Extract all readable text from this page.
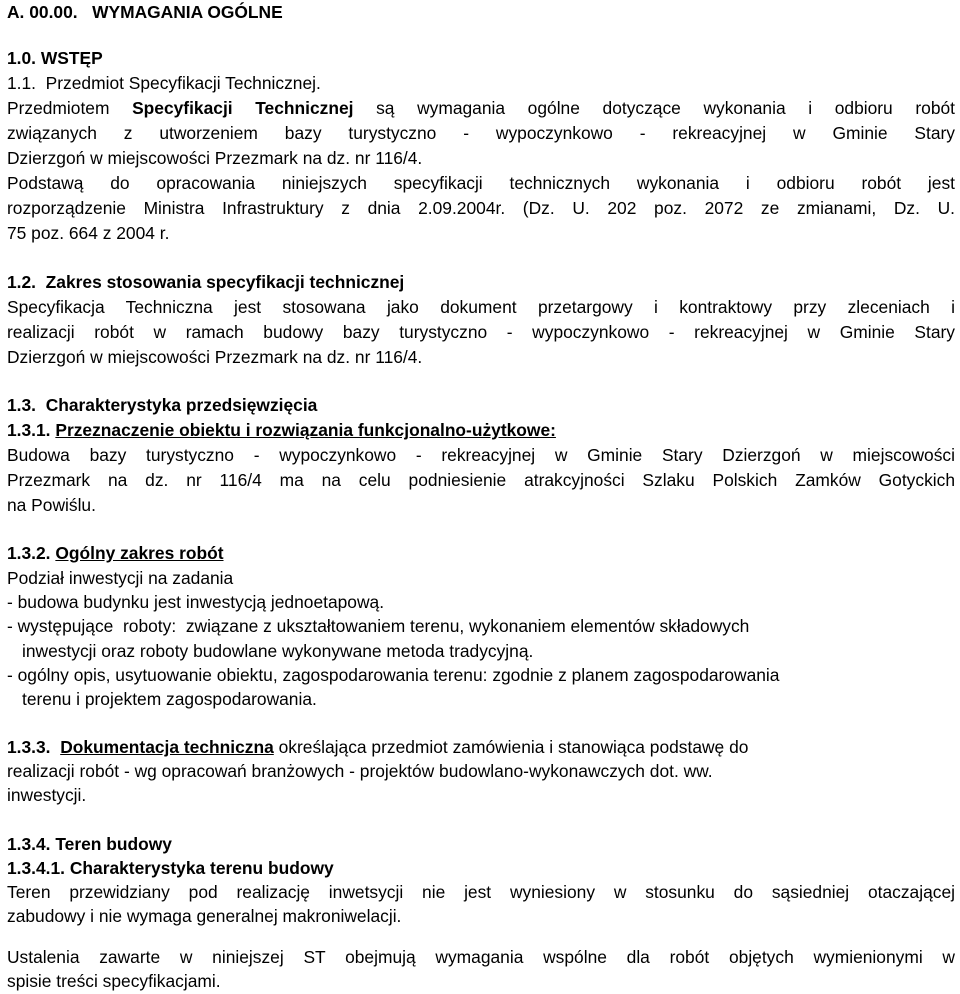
A. 00.00.   WYMAGANIA OGÓLNE
1.0. WSTĘP
1.1.  Przedmiot Specyfikacji Technicznej.
Przedmiotem Specyfikacji Technicznej są wymagania ogólne dotyczące wykonania i odbioru robót
związanych z utworzeniem bazy turystyczno - wypoczynkowo - rekreacyjnej w Gminie Stary
Dzierzgoń w miejscowości Przezmark na dz. nr 116/4.
Podstawą do opracowania niniejszych specyfikacji technicznych wykonania i odbioru robót jest
rozporządzenie Ministra Infrastruktury z dnia 2.09.2004r. (Dz. U. 202 poz. 2072 ze zmianami, Dz. U.
75 poz. 664 z 2004 r.
1.2.  Zakres stosowania specyfikacji technicznej
Specyfikacja Techniczna jest stosowana jako dokument przetargowy i kontraktowy przy zleceniach i
realizacji robót w ramach budowy bazy turystyczno - wypoczynkowo - rekreacyjnej w Gminie Stary
Dzierzgoń w miejscowości Przezmark na dz. nr 116/4.
1.3. Charakterystyka przedsięwzięcia
1.3.1. Przeznaczenie obiektu i rozwiązania funkcjonalno-użytkowe:
Budowa bazy turystyczno - wypoczynkowo - rekreacyjnej w Gminie Stary Dzierzgoń w miejscowości
Przezmark na dz. nr 116/4 ma na celu podniesienie atrakcyjności Szlaku Polskich Zamków Gotyckich
na Powiślu.
1.3.2. Ogólny zakres robót
Podział inwestycji na zadania
- budowa budynku jest inwestycją jednoetapową.
- występujące  roboty:  związane z ukształtowaniem terenu, wykonaniem elementów składowych
inwestycji oraz roboty budowlane wykonywane metoda tradycyjną.
- ogólny opis, usytuowanie obiektu, zagospodarowania terenu: zgodnie z planem zagospodarowania
terenu i projektem zagospodarowania.
1.3.3. Dokumentacja techniczna określająca przedmiot zamówienia i stanowiąca podstawę do
realizacji robót - wg opracowań branżowych - projektów budowlano-wykonawczych dot. ww.
inwestycji.
1.3.4. Teren budowy
1.3.4.1. Charakterystyka terenu budowy
Teren przewidziany pod realizację inwetsycji nie jest wyniesiony w stosunku do sąsiedniej otaczającej
zabudowy i nie wymaga generalnej makroniwelacji.
Ustalenia zawarte w niniejszej ST obejmują wymagania wspólne dla robót objętych wymienionymi w
spisie treści specyfikacjami.
